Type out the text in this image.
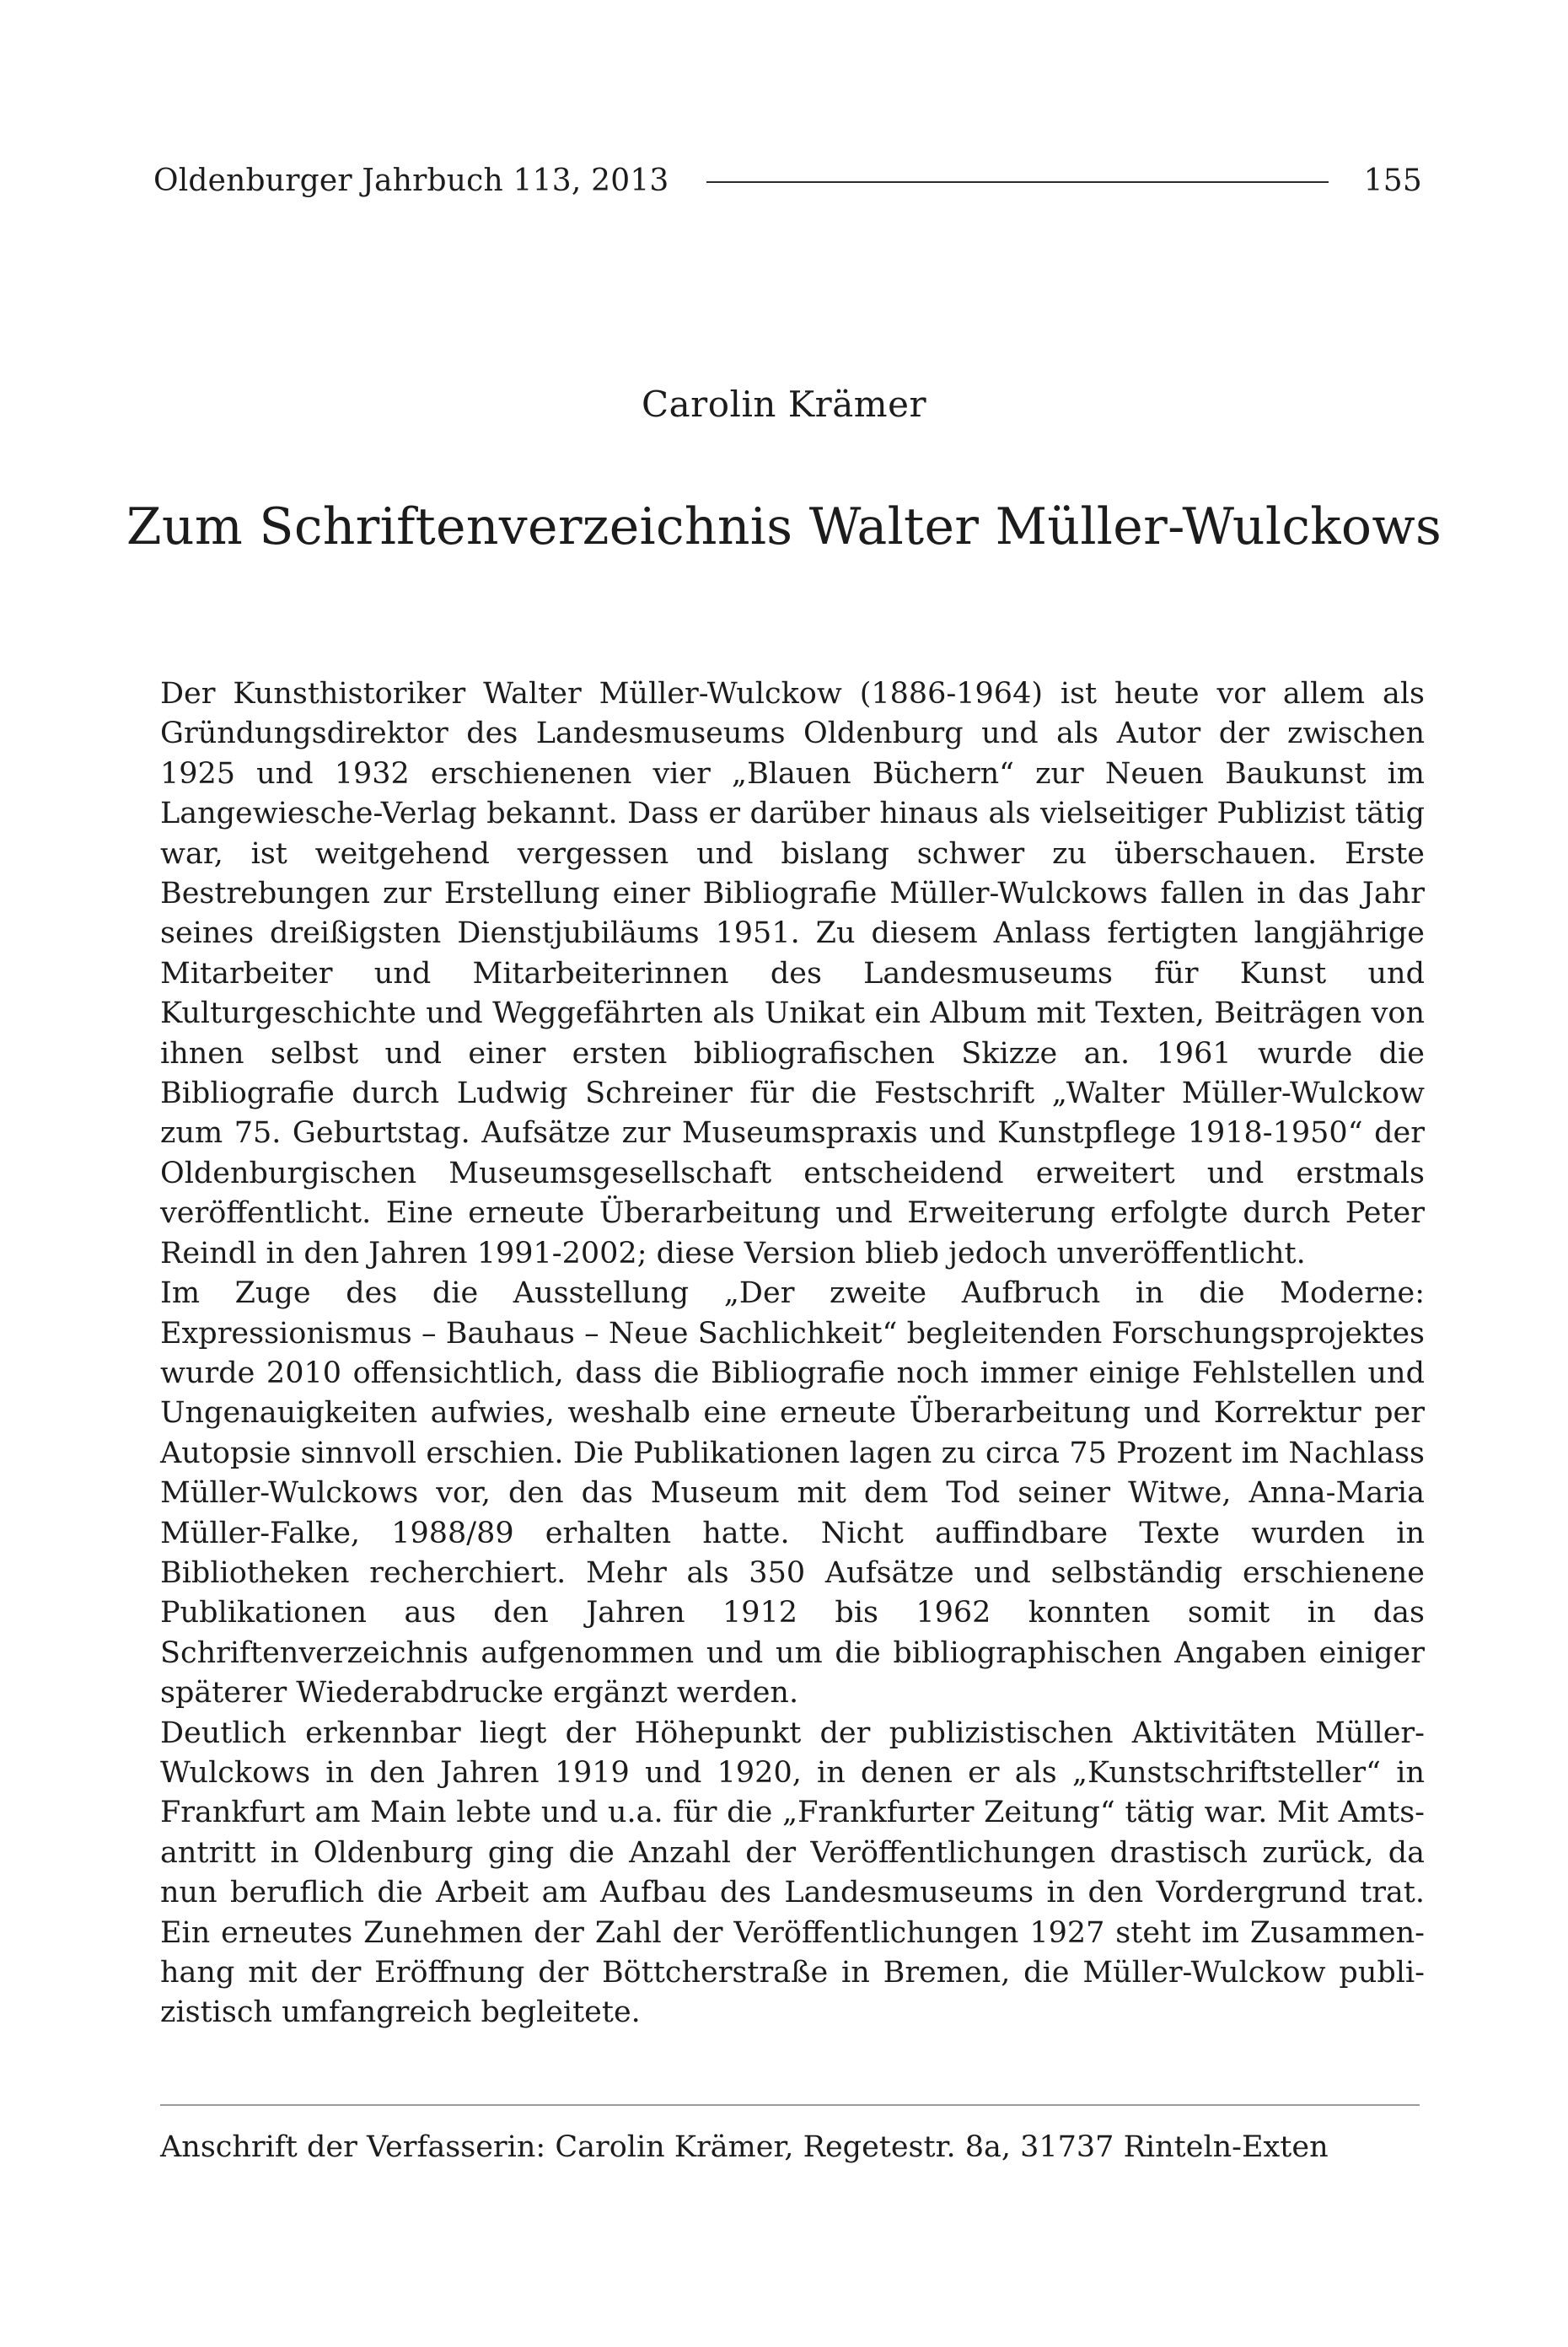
Oldenburger Jahrbuch 113, 2013	155
Carolin Krämer
Zum Schriftenverzeichnis Walter Müller-Wulckows

Der Kunsthistoriker Walter Müller-Wulckow (1886-1964) ist heute vor allem als Gründungsdirektor des Landesmuseums Oldenburg und als Autor der zwischen 1925 und 1932 erschienenen vier „Blauen Büchern“ zur Neuen Baukunst im Langewiesche-Verlag bekannt. Dass er darüber hinaus als vielseitiger Publizist tätig war, ist weitgehend vergessen und bislang schwer zu überschauen. Erste Bestrebungen zur Erstellung einer Bibliografie Müller-Wulckows fallen in das Jahr seines dreißigsten Dienstjubiläums 1951. Zu diesem Anlass fertigten langjährige Mitarbeiter und Mitarbeiterinnen des Landesmuseums für Kunst und Kulturgeschichte und Weggefährten als Unikat ein Album mit Texten, Beiträgen von ihnen selbst und einer ersten bibliografischen Skizze an. 1961 wurde die Bibliografie durch Ludwig Schreiner für die Festschrift „Walter Müller-Wulckow zum 75. Geburtstag. Aufsätze zur Museumspraxis und Kunstpflege 1918-1950“ der Oldenburgischen Museumsgesellschaft entscheidend erweitert und erstmals veröffentlicht. Eine erneute Überarbeitung und Erweiterung erfolgte durch Peter Reindl in den Jahren 1991-2002; diese Version blieb jedoch unveröffentlicht.

Im Zuge des die Ausstellung „Der zweite Aufbruch in die Moderne: Expressionismus – Bauhaus – Neue Sachlichkeit“ begleitenden Forschungsprojektes wurde 2010 offensichtlich, dass die Bibliografie noch immer einige Fehlstellen und Ungenauigkeiten aufwies, weshalb eine erneute Überarbeitung und Korrektur per Autopsie sinnvoll erschien. Die Publikationen lagen zu circa 75 Prozent im Nachlass Müller-Wulckows vor, den das Museum mit dem Tod seiner Witwe, Anna-Maria Müller-Falke, 1988/89 erhalten hatte. Nicht auffindbare Texte wurden in Bibliotheken recherchiert. Mehr als 350 Aufsätze und selbständig erschienene Publikationen aus den Jahren 1912 bis 1962 konnten somit in das Schriftenverzeichnis aufgenommen und um die bibliographischen Angaben einiger späterer Wiederabdrucke ergänzt werden.

Deutlich erkennbar liegt der Höhepunkt der publizistischen Aktivitäten Müller-Wulckows in den Jahren 1919 und 1920, in denen er als „Kunstschriftsteller“ in Frankfurt am Main lebte und u.a. für die „Frankfurter Zeitung“ tätig war. Mit Amtsantritt in Oldenburg ging die Anzahl der Veröffentlichungen drastisch zurück, da nun beruflich die Arbeit am Aufbau des Landesmuseums in den Vordergrund trat. Ein erneutes Zunehmen der Zahl der Veröffentlichungen 1927 steht im Zusammenhang mit der Eröffnung der Böttcherstraße in Bremen, die Müller-Wulckow publizistisch umfangreich begleitete.

Anschrift der Verfasserin: Carolin Krämer, Regetestr. 8a, 31737 Rinteln-Exten
